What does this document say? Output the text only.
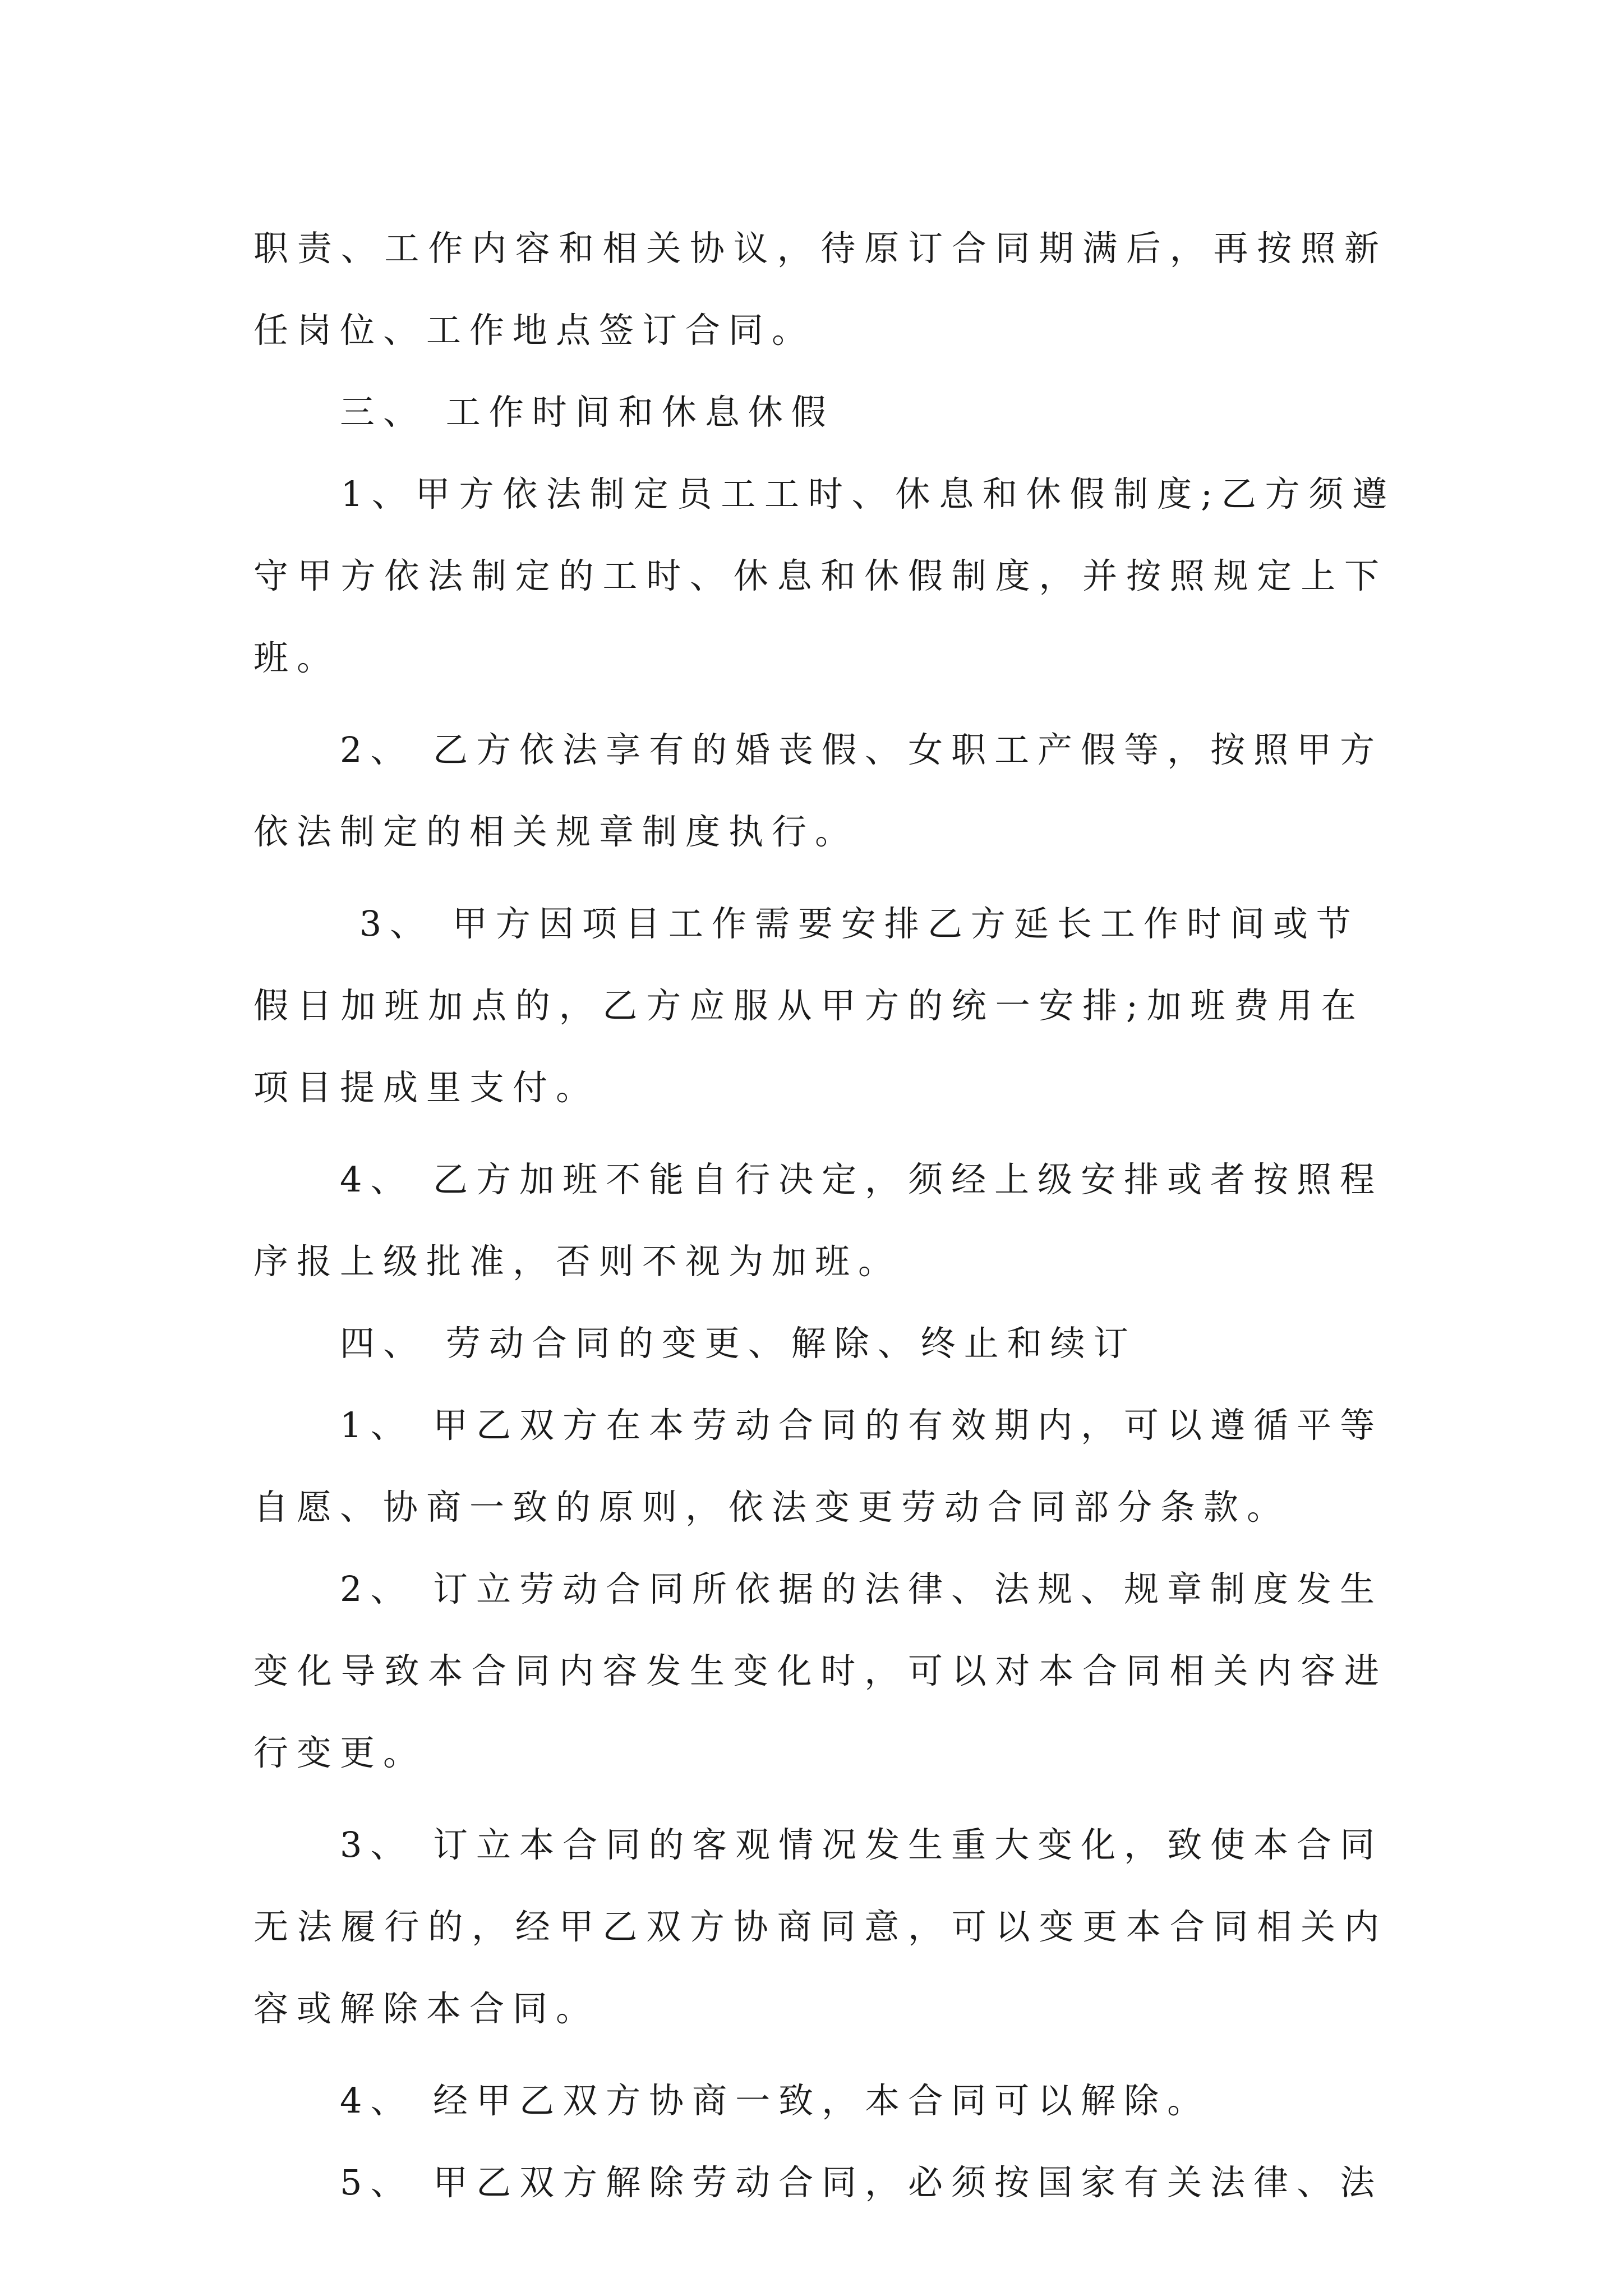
职责、工作内容和相关协议，待原订合同期满后，再按照新
任岗位、工作地点签订合同。
　　三、 工作时间和休息休假
　　1、甲方依法制定员工工时、休息和休假制度;乙方须遵
守甲方依法制定的工时、休息和休假制度，并按照规定上下
班。
　　2、 乙方依法享有的婚丧假、女职工产假等，按照甲方
依法制定的相关规章制度执行。
　　 3、 甲方因项目工作需要安排乙方延长工作时间或节
假日加班加点的，乙方应服从甲方的统一安排;加班费用在
项目提成里支付。
　　4、 乙方加班不能自行决定，须经上级安排或者按照程
序报上级批准，否则不视为加班。
　　四、 劳动合同的变更、解除、终止和续订
　　1、 甲乙双方在本劳动合同的有效期内，可以遵循平等
自愿、协商一致的原则，依法变更劳动合同部分条款。
　　2、 订立劳动合同所依据的法律、法规、规章制度发生
变化导致本合同内容发生变化时，可以对本合同相关内容进
行变更。
　　3、 订立本合同的客观情况发生重大变化，致使本合同
无法履行的，经甲乙双方协商同意，可以变更本合同相关内
容或解除本合同。
　　4、 经甲乙双方协商一致，本合同可以解除。
　　5、 甲乙双方解除劳动合同，必须按国家有关法律、法
